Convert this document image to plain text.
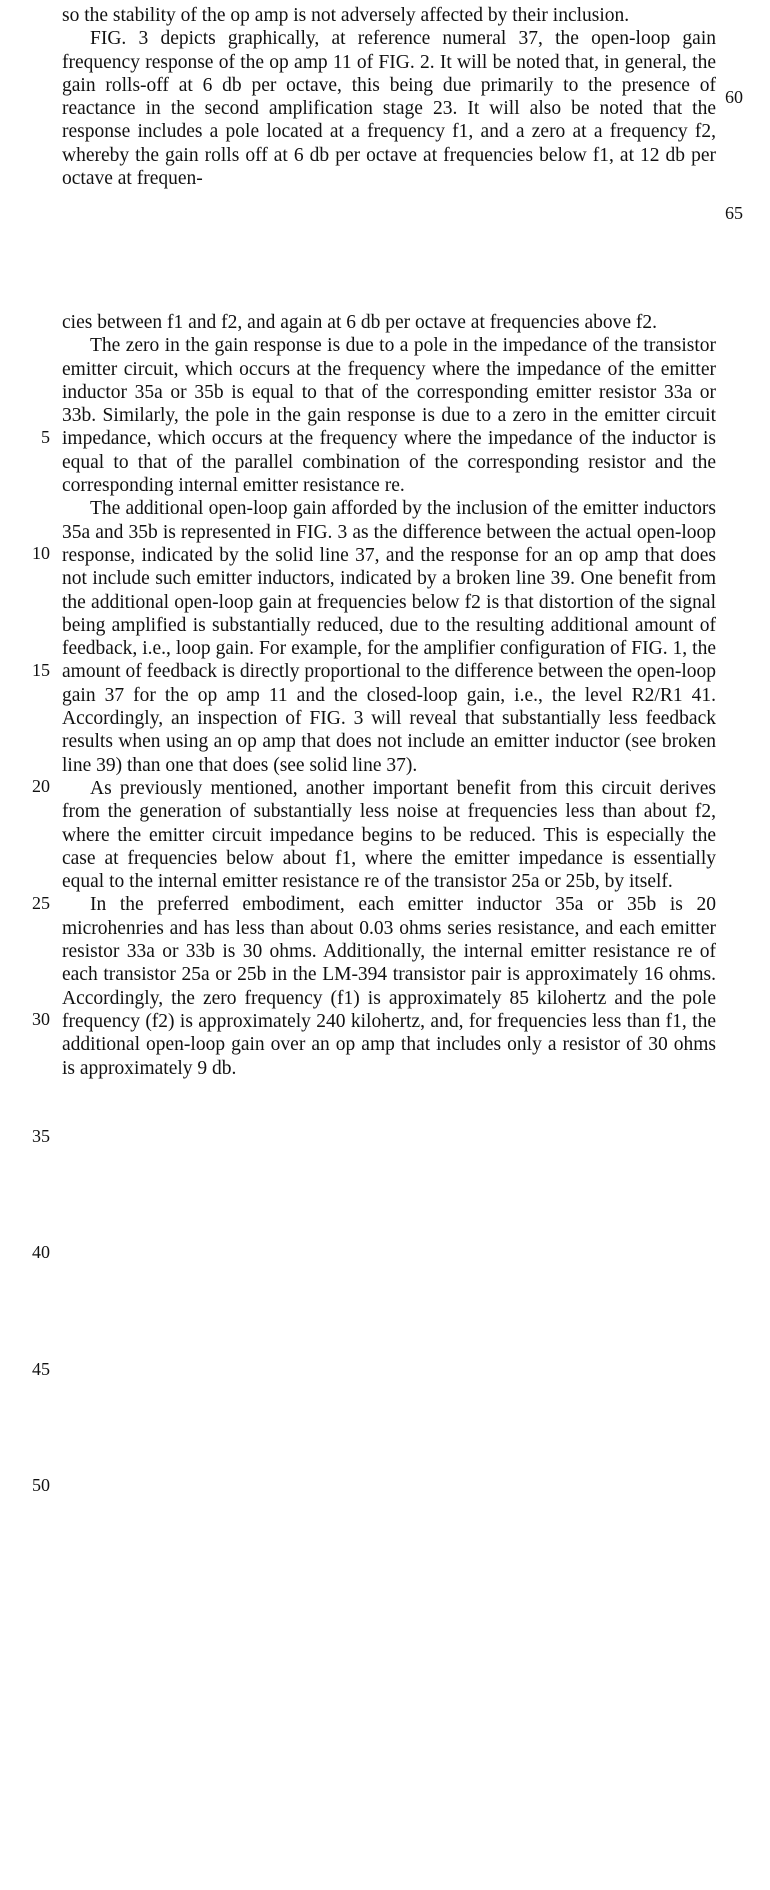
so the stability of the op amp is not adversely affected by their inclusion.

FIG. 3 depicts graphically, at reference numeral 37, the open-loop gain frequency response of the op amp 11 of FIG. 2. It will be noted that, in general, the gain rolls-off at 6 db per octave, this being due primarily to the presence of reactance in the second amplification stage 23. It will also be noted that the response includes a pole located at a frequency f1, and a zero at a frequency f2, whereby the gain rolls off at 6 db per octave at frequencies below f1, at 12 db per octave at frequen-

cies between f1 and f2, and again at 6 db per octave at frequencies above f2.

The zero in the gain response is due to a pole in the impedance of the transistor emitter circuit, which occurs at the frequency where the impedance of the emitter inductor 35a or 35b is equal to that of the corresponding emitter resistor 33a or 33b. Similarly, the pole in the gain response is due to a zero in the emitter circuit impedance, which occurs at the frequency where the impedance of the inductor is equal to that of the parallel combination of the corresponding resistor and the corresponding internal emitter resistance re.

The additional open-loop gain afforded by the inclusion of the emitter inductors 35a and 35b is represented in FIG. 3 as the difference between the actual open-loop response, indicated by the solid line 37, and the response for an op amp that does not include such emitter inductors, indicated by a broken line 39. One benefit from the additional open-loop gain at frequencies below f2 is that distortion of the signal being amplified is substantially reduced, due to the resulting additional amount of feedback, i.e., loop gain. For example, for the amplifier configuration of FIG. 1, the amount of feedback is directly proportional to the difference between the open-loop gain 37 for the op amp 11 and the closed-loop gain, i.e., the level R2/R1 41. Accordingly, an inspection of FIG. 3 will reveal that substantially less feedback results when using an op amp that does not include an emitter inductor (see broken line 39) than one that does (see solid line 37).

As previously mentioned, another important benefit from this circuit derives from the generation of substantially less noise at frequencies less than about f2, where the emitter circuit impedance begins to be reduced. This is especially the case at frequencies below about f1, where the emitter impedance is essentially equal to the internal emitter resistance re of the transistor 25a or 25b, by itself.

In the preferred embodiment, each emitter inductor 35a or 35b is 20 microhenries and has less than about 0.03 ohms series resistance, and each emitter resistor 33a or 33b is 30 ohms. Additionally, the internal emitter resistance re of each transistor 25a or 25b in the LM-394 transistor pair is approximately 16 ohms. Accordingly, the zero frequency (f1) is approximately 85 kilohertz and the pole frequency (f2) is approximately 240 kilohertz, and, for frequencies less than f1, the additional open-loop gain over an op amp that includes only a resistor of 30 ohms is approximately 9 db.

60
65
5
10
15
20
25
30
35
40
45
50
